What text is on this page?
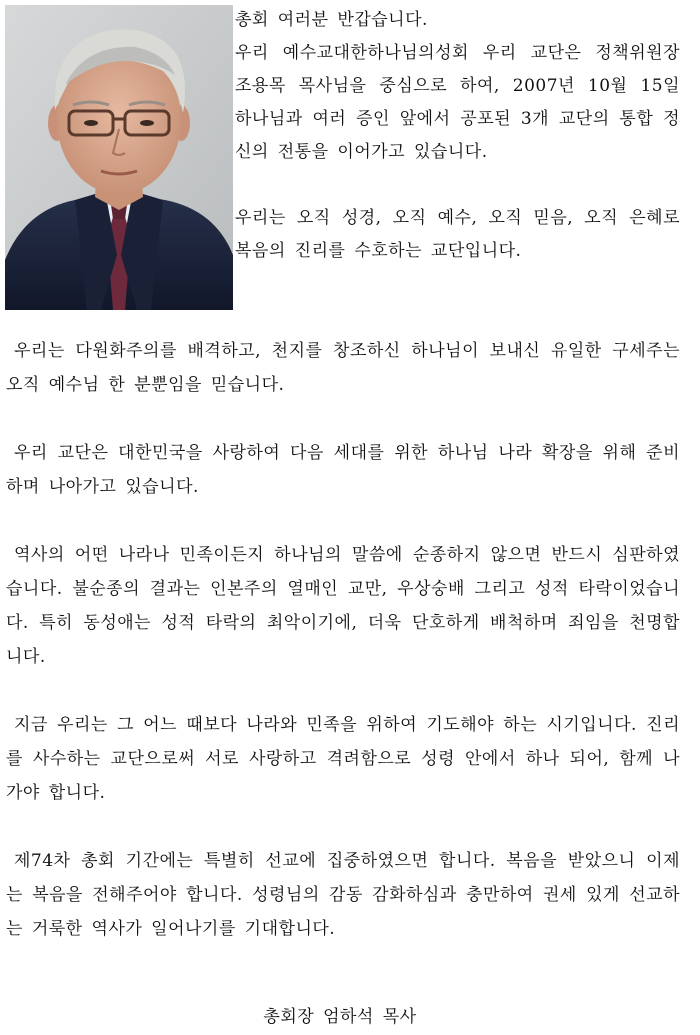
총회 여러분 반갑습니다.

우리 예수교대한하나님의성회 우리 교단은 정책위원장 조용목 목사님을 중심으로 하여, 2007년 10월 15일 하나님과 여러 증인 앞에서 공포된 3개 교단의 통합 정신의 전통을 이어가고 있습니다.

우리는 오직 성경, 오직 예수, 오직 믿음, 오직 은혜로 복음의 진리를 수호하는 교단입니다.

우리는 다원화주의를 배격하고, 천지를 창조하신 하나님이 보내신 유일한 구세주는 오직 예수님 한 분뿐임을 믿습니다.

우리 교단은 대한민국을 사랑하여 다음 세대를 위한 하나님 나라 확장을 위해 준비하며 나아가고 있습니다.

역사의 어떤 나라나 민족이든지 하나님의 말씀에 순종하지 않으면 반드시 심판하였습니다. 불순종의 결과는 인본주의 열매인 교만, 우상숭배 그리고 성적 타락이었습니다. 특히 동성애는 성적 타락의 최악이기에, 더욱 단호하게 배척하며 죄임을 천명합니다.

지금 우리는 그 어느 때보다 나라와 민족을 위하여 기도해야 하는 시기입니다. 진리를 사수하는 교단으로써 서로 사랑하고 격려함으로 성령 안에서 하나 되어, 함께 나가야 합니다.

제74차 총회 기간에는 특별히 선교에 집중하였으면 합니다. 복음을 받았으니 이제는 복음을 전해주어야 합니다. 성령님의 감동 감화하심과 충만하여 권세 있게 선교하는 거룩한 역사가 일어나기를 기대합니다.

총회장 엄하석 목사
